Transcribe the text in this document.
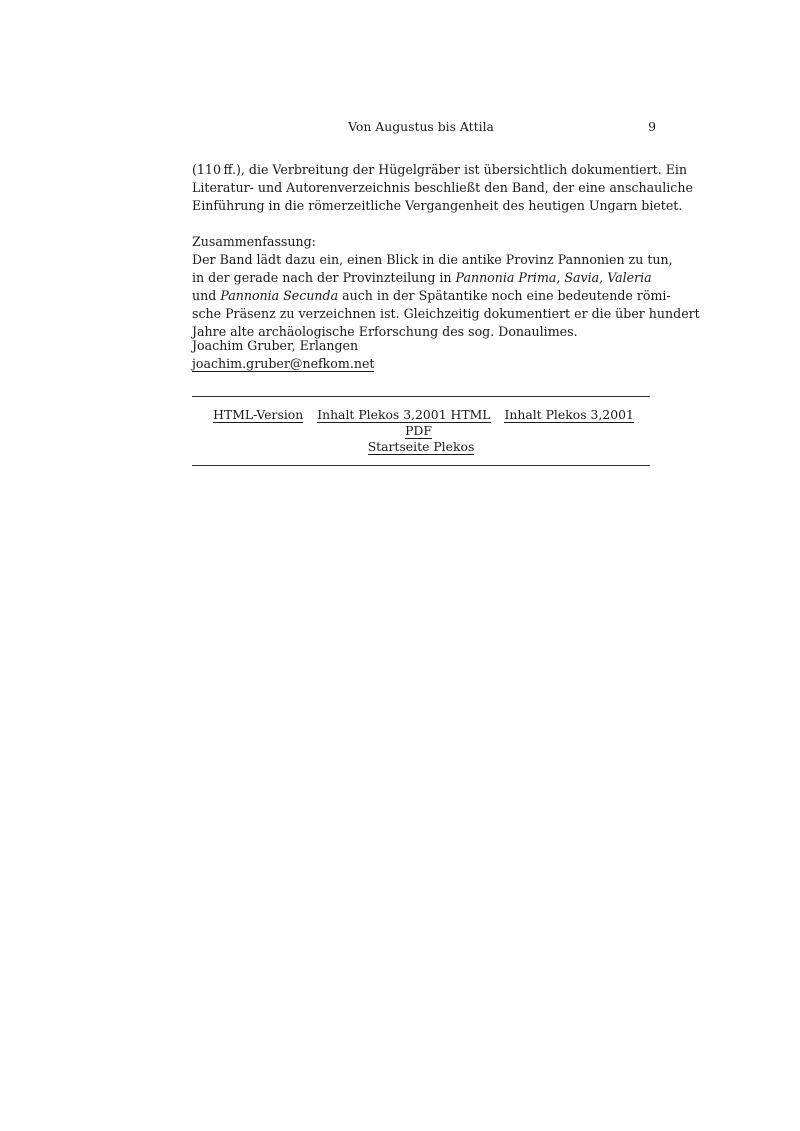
Von Augustus bis Attila	9
(110 ff.), die Verbreitung der Hügelgräber ist übersichtlich dokumentiert. Ein
Literatur- und Autorenverzeichnis beschließt den Band, der eine anschauliche
Einführung in die römerzeitliche Vergangenheit des heutigen Ungarn bietet.
Zusammenfassung:
Der Band lädt dazu ein, einen Blick in die antike Provinz Pannonien zu tun,
in der gerade nach der Provinzteilung in Pannonia Prima, Savia, Valeria
und Pannonia Secunda auch in der Spätantike noch eine bedeutende römi-
sche Präsenz zu verzeichnen ist. Gleichzeitig dokumentiert er die über hundert
Jahre alte archäologische Erforschung des sog. Donaulimes.
Joachim Gruber, Erlangen
joachim.gruber@nefkom.net
HTML-Version Inhalt Plekos 3,2001 HTML Inhalt Plekos 3,2001 PDF
Startseite Plekos
